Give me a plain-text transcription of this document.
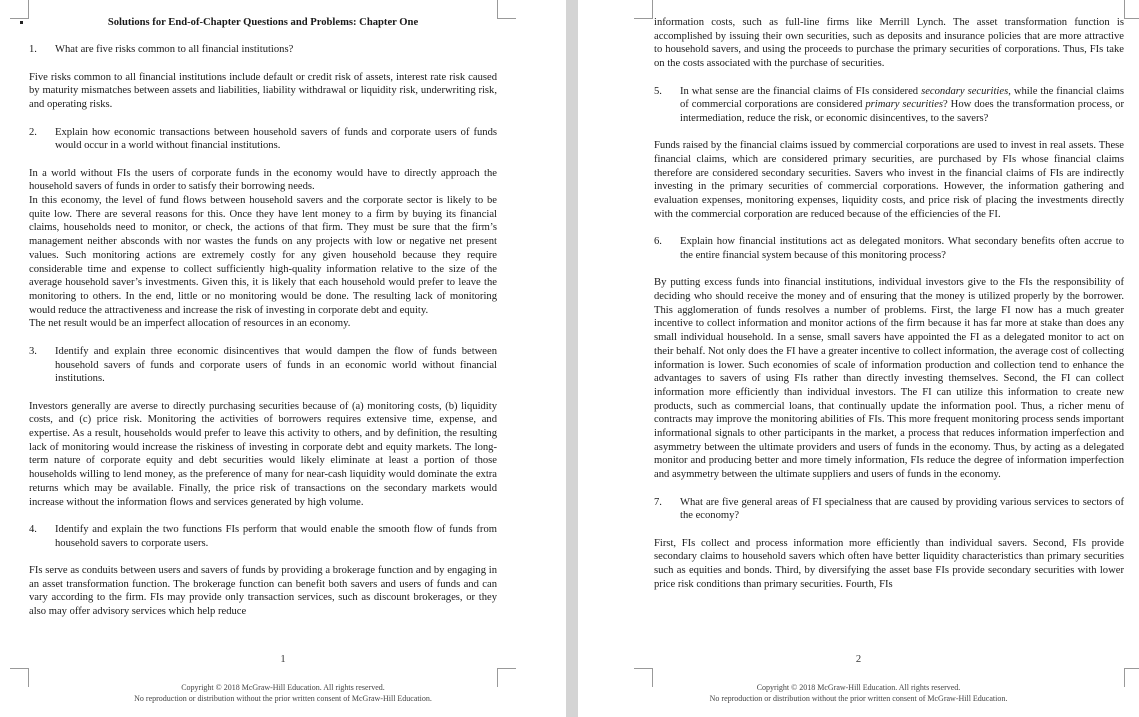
Solutions for End-of-Chapter Questions and Problems: Chapter One

1. What are five risks common to all financial institutions?

Five risks common to all financial institutions include default or credit risk of assets, interest rate risk caused by maturity mismatches between assets and liabilities, liability withdrawal or liquidity risk, underwriting risk, and operating risks.

2. Explain how economic transactions between household savers of funds and corporate users of funds would occur in a world without financial institutions.

In a world without FIs the users of corporate funds in the economy would have to directly approach the household savers of funds in order to satisfy their borrowing needs.

In this economy, the level of fund flows between household savers and the corporate sector is likely to be quite low. There are several reasons for this. Once they have lent money to a firm by buying its financial claims, households need to monitor, or check, the actions of that firm. They must be sure that the firm’s management neither absconds with nor wastes the funds on any projects with low or negative net present values. Such monitoring actions are extremely costly for any given household because they require considerable time and expense to collect sufficiently high-quality information relative to the size of the average household saver’s investments. Given this, it is likely that each household would prefer to leave the monitoring to others. In the end, little or no monitoring would be done. The resulting lack of monitoring would reduce the attractiveness and increase the risk of investing in corporate debt and equity.

The net result would be an imperfect allocation of resources in an economy.

3. Identify and explain three economic disincentives that would dampen the flow of funds between household savers of funds and corporate users of funds in an economic world without financial institutions.

Investors generally are averse to directly purchasing securities because of (a) monitoring costs, (b) liquidity costs, and (c) price risk. Monitoring the activities of borrowers requires extensive time, expense, and expertise. As a result, households would prefer to leave this activity to others, and by definition, the resulting lack of monitoring would increase the riskiness of investing in corporate debt and equity markets. The long-term nature of corporate equity and debt securities would likely eliminate at least a portion of those households willing to lend money, as the preference of many for near-cash liquidity would dominate the extra returns which may be available. Finally, the price risk of transactions on the secondary markets would increase without the information flows and services generated by high volume.

4. Identify and explain the two functions FIs perform that would enable the smooth flow of funds from household savers to corporate users.

FIs serve as conduits between users and savers of funds by providing a brokerage function and by engaging in an asset transformation function. The brokerage function can benefit both savers and users of funds and can vary according to the firm. FIs may provide only transaction services, such as discount brokerages, or they also may offer advisory services which help reduce

1
Copyright © 2018 McGraw-Hill Education. All rights reserved.
No reproduction or distribution without the prior written consent of McGraw-Hill Education.

information costs, such as full-line firms like Merrill Lynch. The asset transformation function is accomplished by issuing their own securities, such as deposits and insurance policies that are more attractive to household savers, and using the proceeds to purchase the primary securities of corporations. Thus, FIs take on the costs associated with the purchase of securities.

5. In what sense are the financial claims of FIs considered secondary securities, while the financial claims of commercial corporations are considered primary securities? How does the transformation process, or intermediation, reduce the risk, or economic disincentives, to the savers?

Funds raised by the financial claims issued by commercial corporations are used to invest in real assets. These financial claims, which are considered primary securities, are purchased by FIs whose financial claims therefore are considered secondary securities. Savers who invest in the financial claims of FIs are indirectly investing in the primary securities of commercial corporations. However, the information gathering and evaluation expenses, monitoring expenses, liquidity costs, and price risk of placing the investments directly with the commercial corporation are reduced because of the efficiencies of the FI.

6. Explain how financial institutions act as delegated monitors. What secondary benefits often accrue to the entire financial system because of this monitoring process?

By putting excess funds into financial institutions, individual investors give to the FIs the responsibility of deciding who should receive the money and of ensuring that the money is utilized properly by the borrower. This agglomeration of funds resolves a number of problems. First, the large FI now has a much greater incentive to collect information and monitor actions of the firm because it has far more at stake than does any small individual household. In a sense, small savers have appointed the FI as a delegated monitor to act on their behalf. Not only does the FI have a greater incentive to collect information, the average cost of collecting information is lower. Such economies of scale of information production and collection tend to enhance the advantages to savers of using FIs rather than directly investing themselves. Second, the FI can collect information more efficiently than individual investors. The FI can utilize this information to create new products, such as commercial loans, that continually update the information pool. Thus, a richer menu of contracts may improve the monitoring abilities of FIs. This more frequent monitoring process sends important informational signals to other participants in the market, a process that reduces information imperfection and asymmetry between the ultimate providers and users of funds in the economy. Thus, by acting as a delegated monitor and producing better and more timely information, FIs reduce the degree of information imperfection and asymmetry between the ultimate suppliers and users of funds in the economy.

7. What are five general areas of FI specialness that are caused by providing various services to sectors of the economy?

First, FIs collect and process information more efficiently than individual savers. Second, FIs provide secondary claims to household savers which often have better liquidity characteristics than primary securities such as equities and bonds. Third, by diversifying the asset base FIs provide secondary securities with lower price risk conditions than primary securities. Fourth, FIs

2
Copyright © 2018 McGraw-Hill Education. All rights reserved.
No reproduction or distribution without the prior written consent of McGraw-Hill Education.
